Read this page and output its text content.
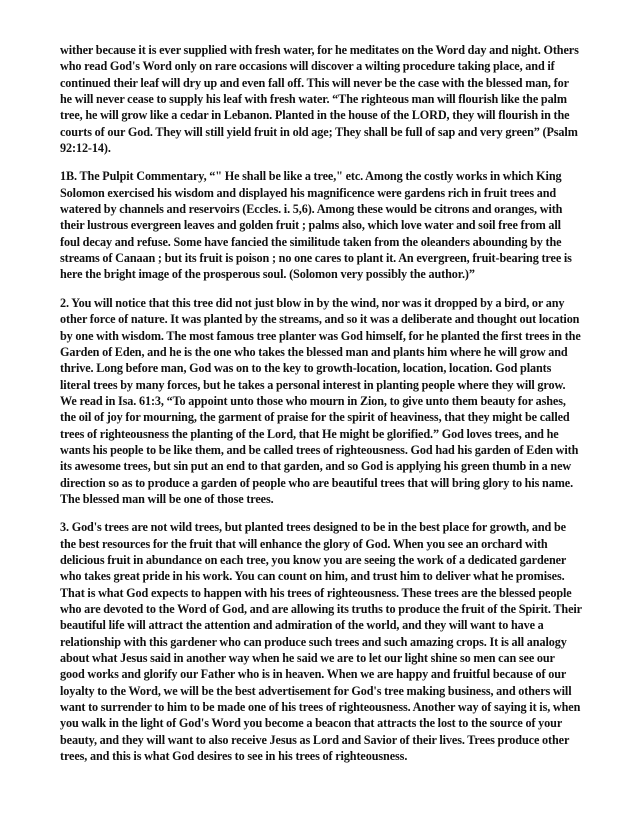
wither because it is ever supplied with fresh water, for he meditates on the Word day and night. Others who read God's Word only on rare occasions will discover a wilting procedure taking place, and if continued their leaf will dry up and even fall off. This will never be the case with the blessed man, for he will never cease to supply his leaf with fresh water. “The righteous man will flourish like the palm tree, he will grow like a cedar in Lebanon. Planted in the house of the LORD, they will flourish in the courts of our God. They will still yield fruit in old age; They shall be full of sap and very green” (Psalm 92:12-14).

1B. The Pulpit Commentary, “" He shall be like a tree," etc. Among the costly works in which King Solomon exercised his wisdom and displayed his magnificence were gardens rich in fruit trees and watered by channels and reservoirs (Eccles. i. 5,6). Among these would be citrons and oranges, with their lustrous evergreen leaves and golden fruit ; palms also, which love water and soil free from all foul decay and refuse. Some have fancied the similitude taken from the oleanders abounding by the streams of Canaan ; but its fruit is poison ; no one cares to plant it. An evergreen, fruit-bearing tree is here the bright image of the prosperous soul. (Solomon very possibly the author.)”

2. You will notice that this tree did not just blow in by the wind, nor was it dropped by a bird, or any other force of nature. It was planted by the streams, and so it was a deliberate and thought out location by one with wisdom. The most famous tree planter was God himself, for he planted the first trees in the Garden of Eden, and he is the one who takes the blessed man and plants him where he will grow and thrive. Long before man, God was on to the key to growth-location, location, location. God plants literal trees by many forces, but he takes a personal interest in planting people where they will grow. We read in Isa. 61:3, “To appoint unto those who mourn in Zion, to give unto them beauty for ashes, the oil of joy for mourning, the garment of praise for the spirit of heaviness, that they might be called trees of righteousness the planting of the Lord, that He might be glorified.” God loves trees, and he wants his people to be like them, and be called trees of righteousness. God had his garden of Eden with its awesome trees, but sin put an end to that garden, and so God is applying his green thumb in a new direction so as to produce a garden of people who are beautiful trees that will bring glory to his name. The blessed man will be one of those trees.

3. God's trees are not wild trees, but planted trees designed to be in the best place for growth, and be the best resources for the fruit that will enhance the glory of God. When you see an orchard with delicious fruit in abundance on each tree, you know you are seeing the work of a dedicated gardener who takes great pride in his work. You can count on him, and trust him to deliver what he promises. That is what God expects to happen with his trees of righteousness. These trees are the blessed people who are devoted to the Word of God, and are allowing its truths to produce the fruit of the Spirit. Their beautiful life will attract the attention and admiration of the world, and they will want to have a relationship with this gardener who can produce such trees and such amazing crops. It is all analogy about what Jesus said in another way when he said we are to let our light shine so men can see our good works and glorify our Father who is in heaven. When we are happy and fruitful because of our loyalty to the Word, we will be the best advertisement for God's tree making business, and others will want to surrender to him to be made one of his trees of righteousness. Another way of saying it is, when you walk in the light of God's Word you become a beacon that attracts the lost to the source of your beauty, and they will want to also receive Jesus as Lord and Savior of their lives. Trees produce other trees, and this is what God desires to see in his trees of righteousness.
